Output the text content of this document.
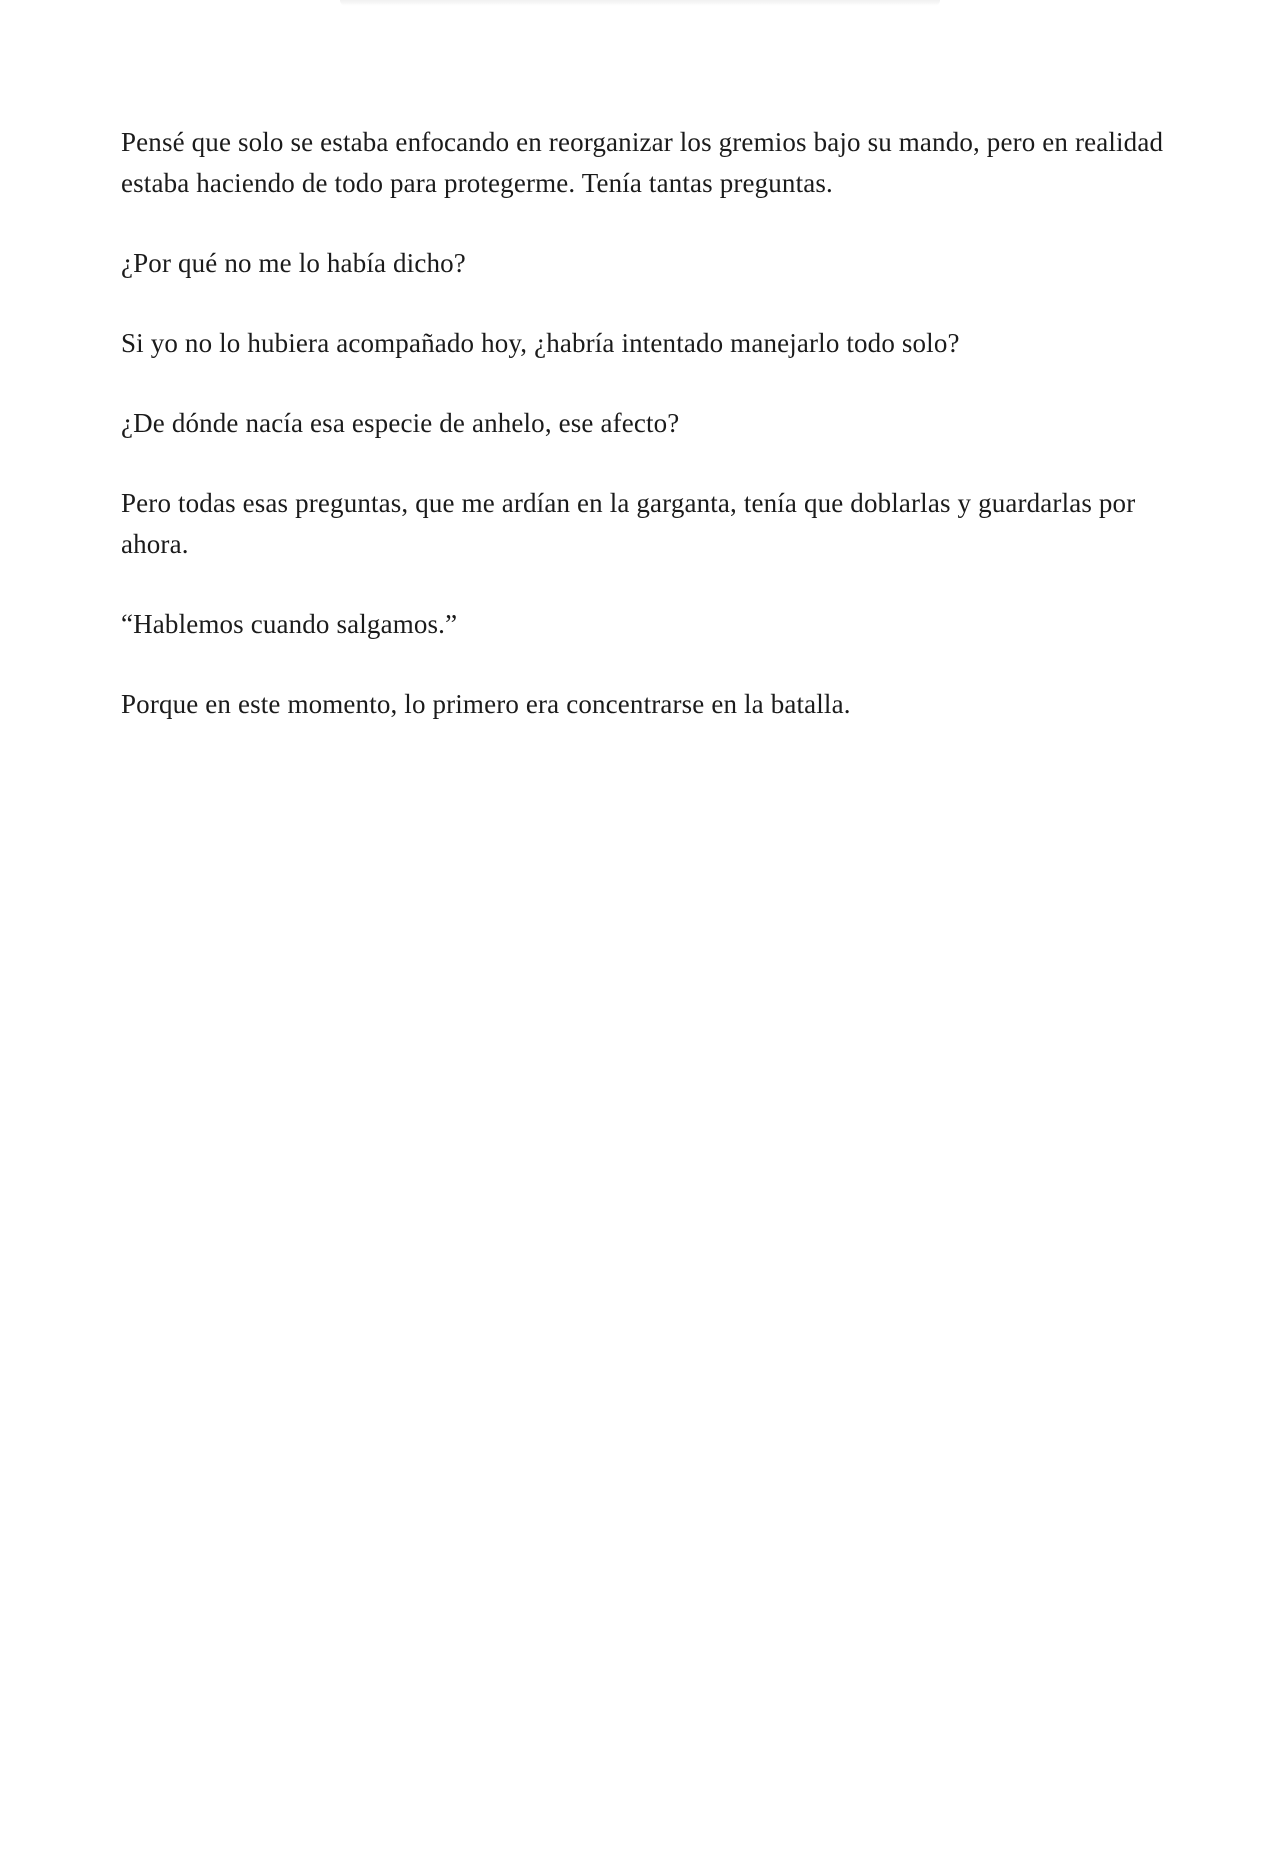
Pensé que solo se estaba enfocando en reorganizar los gremios bajo su mando, pero en realidad estaba haciendo de todo para protegerme. Tenía tantas preguntas.

¿Por qué no me lo había dicho?

Si yo no lo hubiera acompañado hoy, ¿habría intentado manejarlo todo solo?

¿De dónde nacía esa especie de anhelo, ese afecto?

Pero todas esas preguntas, que me ardían en la garganta, tenía que doblarlas y guardarlas por ahora.

“Hablemos cuando salgamos.”

Porque en este momento, lo primero era concentrarse en la batalla.
